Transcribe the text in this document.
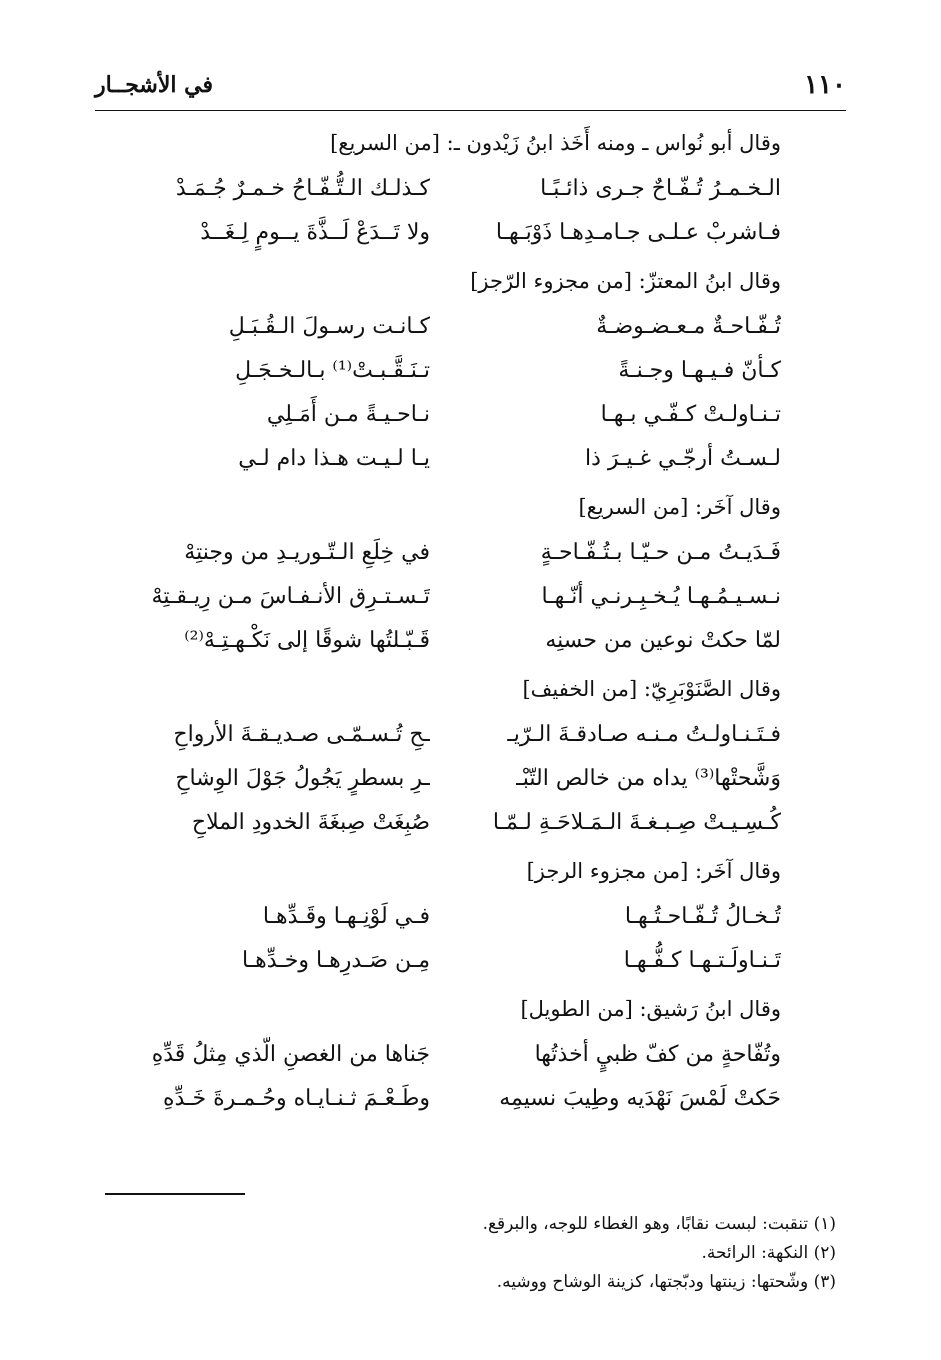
١١٠
في الأشجــار

وقال أبو نُواس ـ ومنه أَخَذ ابنُ زَيْدون ـ: [من السريع]

الـخـمـرُ تُـفّـاحٌ جـرى ذائـبًـا
كـذلـك الـتُّـفّـاحُ خـمـرٌ جُـمَـدْ
فـاشربْ عـلـى جـامـدِهـا ذَوْبَـهـا
ولا تَــدَعْ لَــذَّةَ يــومٍ لِـغَــدْ

وقال ابنُ المعتزّ: [من مجزوء الرّجز]

تُـفّـاحـةٌ مـعـضـوضـةٌ
كـانـت رسـولَ الـقُـبَـلِ
كـأنّ فـيـهـا وجـنـةً
تـنَـقَّـبـتْ⁽¹⁾ بـالـخـجَـلِ
تـنـاولـتْ كـفّـي بـهـا
نـاحـيـةً مـن أَمَـلِي
لـسـتُ أرجّـي غـيـرَ ذا
يـا لـيـت هـذا دام لـي

وقال آخَر: [من السريع]

فَـدَيـتُ مـن حـيّـا بـتُـفّـاحـةٍ
في خِلَعِ الـتّـوريـدِ من وجنتِهْ
نـسـيـمُـهـا يُـخـبِـرنـي أنّـهـا
تَـسـتـرِق الأنـفـاسَ مـن رِيـقـتِهْ
لمّا حكتْ نوعين من حسنِه
قَـبّـلتُها شوقًا إلى نَكْـهـتِـهْ⁽²⁾

وقال الصَّنَوْبَرِيّ: [من الخفيف]

فـتَـنـاولـتُ مـنـه صـادقـةَ الـرّيـ
ـحِ تُـسـمّـى صـديـقـةَ الأرواحِ
وَشَّحتْها⁽³⁾ يداه من خالص التّبْـ
ـرِ بسطرٍ يَجُولُ جَوْلَ الوِشاحِ
كُـسِـيـتْ صِـبـغـةَ الـمَـلاحَـةِ لـمّـا
صُبِغَتْ صِبغَةَ الخدودِ الملاحِ

وقال آخَر: [من مجزوء الرجز]

تُـخـالُ تُـفّـاحـتُـهـا
فـي لَوْنِـهـا وقَـدِّهـا
تَـنـاولَـتـهـا كـفُّـهـا
مِـن صَـدرِهـا وخـدِّهـا

وقال ابنُ رَشيق: [من الطويل]

وتُفّاحةٍ من كفّ ظبيٍ أخذتُها
جَناها من الغصنِ الّذي مِثلُ قَدِّهِ
حَكتْ لَمْسَ نَهْدَيه وطِيبَ نسيمِه
وطَـعْـمَ ثـنـايـاه وحُـمـرةَ خَـدِّهِ
(١) تنقبت: لبست نقابًا، وهو الغطاء للوجه، والبرقع.
(٢) النكهة: الرائحة.
(٣) وشّحتها: زينتها ودبّجتها، كزينة الوشاح ووشيه.
